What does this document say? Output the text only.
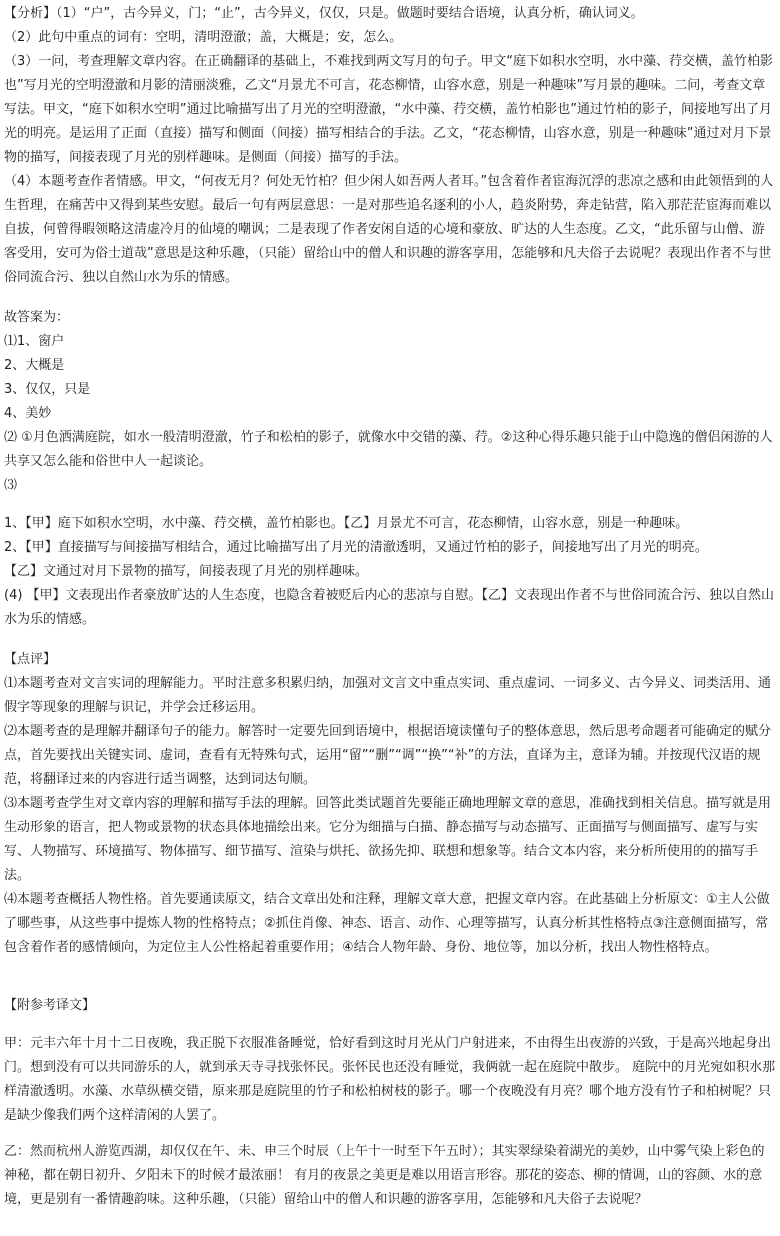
【分析】（1）“户”，古今异义，门；“止”，古今异义，仅仅，只是。做题时要结合语境，认真分析，确认词义。
（2）此句中重点的词有：空明，清明澄澈；盖，大概是；安，怎么。
（3）一问，考查理解文章内容。在正确翻译的基础上，不难找到两文写月的句子。甲文“庭下如积水空明，水中藻、荇交横，盖竹柏影也”写月光的空明澄澈和月影的清丽淡雅，乙文“月景尤不可言，花态柳情，山容水意，别是一种趣味”写月景的趣味。二问，考查文章写法。甲文，“庭下如积水空明”通过比喻描写出了月光的空明澄澈，“水中藻、荇交横，盖竹柏影也”通过竹柏的影子，间接地写出了月光的明亮。是运用了正面（直接）描写和侧面（间接）描写相结合的手法。乙文，“花态柳情，山容水意，别是一种趣味”通过对月下景物的描写，间接表现了月光的别样趣味。是侧面（间接）描写的手法。
（4）本题考查作者情感。甲文，“何夜无月？何处无竹柏？但少闲人如吾两人者耳。”包含着作者宦海沉浮的悲凉之感和由此领悟到的人生哲理，在痛苦中又得到某些安慰。最后一句有两层意思：一是对那些追名逐利的小人，趋炎附势，奔走钻营，陷入那茫茫宦海而难以自拔，何曾得暇领略这清虚冷月的仙境的嘲讽；二是表现了作者安闲自适的心境和豪放、旷达的人生态度。乙文，“此乐留与山僧、游客受用，安可为俗士道哉”意思是这种乐趣，（只能）留给山中的僧人和识趣的游客享用，怎能够和凡夫俗子去说呢？表现出作者不与世俗同流合污、独以自然山水为乐的情感。
故答案为：
⑴1、窗户
2、大概是
3、仅仅，只是
4、美妙
⑵ ①月色洒满庭院，如水一般清明澄澈，竹子和松柏的影子，就像水中交错的藻、荇。②这种心得乐趣只能于山中隐逸的僧侣闲游的人共享又怎么能和俗世中人一起谈论。
⑶
1、【甲】庭下如积水空明，水中藻、荇交横，盖竹柏影也。【乙】月景尤不可言，花态柳情，山容水意，别是一种趣味。
2、【甲】直接描写与间接描写相结合，通过比喻描写出了月光的清澈透明，又通过竹柏的影子，间接地写出了月光的明亮。
【乙】文通过对月下景物的描写，间接表现了月光的别样趣味。
(4) 【甲】文表现出作者豪放旷达的人生态度，也隐含着被贬后内心的悲凉与自慰。【乙】文表现出作者不与世俗同流合污、独以自然山水为乐的情感。
【点评】
⑴本题考查对文言实词的理解能力。平时注意多积累归纳，加强对文言文中重点实词、重点虚词、一词多义、古今异义、词类活用、通假字等现象的理解与识记，并学会迁移运用。
⑵本题考查的是理解并翻译句子的能力。解答时一定要先回到语境中，根据语境读懂句子的整体意思，然后思考命题者可能确定的赋分点，首先要找出关键实词、虚词，查看有无特殊句式，运用“留”“删”“调”“换”“补”的方法，直译为主，意译为辅。并按现代汉语的规范，将翻译过来的内容进行适当调整，达到词达句顺。
⑶本题考查学生对文章内容的理解和描写手法的理解。回答此类试题首先要能正确地理解文章的意思，准确找到相关信息。描写就是用生动形象的语言，把人物或景物的状态具体地描绘出来。它分为细描与白描、静态描写与动态描写、正面描写与侧面描写、虚写与实写、人物描写、环境描写、物体描写、细节描写、渲染与烘托、欲扬先抑、联想和想象等。结合文本内容，来分析所使用的的描写手法。
⑷本题考查概括人物性格。首先要通读原文，结合文章出处和注释，理解文章大意，把握文章内容。在此基础上分析原文：①主人公做了哪些事，从这些事中提炼人物的性格特点；②抓住肖像、神态、语言、动作、心理等描写，认真分析其性格特点③注意侧面描写，常包含着作者的感情倾向，为定位主人公性格起着重要作用；④结合人物年龄、身份、地位等，加以分析，找出人物性格特点。
【附参考译文】
甲：元丰六年十月十二日夜晚，我正脱下衣服准备睡觉，恰好看到这时月光从门户射进来，不由得生出夜游的兴致，于是高兴地起身出门。想到没有可以共同游乐的人，就到承天寺寻找张怀民。张怀民也还没有睡觉，我俩就一起在庭院中散步。 庭院中的月光宛如积水那样清澈透明。水藻、水草纵横交错，原来那是庭院里的竹子和松柏树枝的影子。哪一个夜晚没有月亮？哪个地方没有竹子和柏树呢？只是缺少像我们两个这样清闲的人罢了。
乙：然而杭州人游览西湖，却仅仅在午、未、申三个时辰（上午十一时至下午五时）；其实翠绿染着湖光的美妙，山中雾气染上彩色的神秘，都在朝日初升、夕阳未下的时候才最浓丽！ 有月的夜景之美更是难以用语言形容。那花的姿态、柳的情调，山的容颜、水的意境，更是别有一番情趣韵味。这种乐趣，（只能）留给山中的僧人和识趣的游客享用，怎能够和凡夫俗子去说呢？
